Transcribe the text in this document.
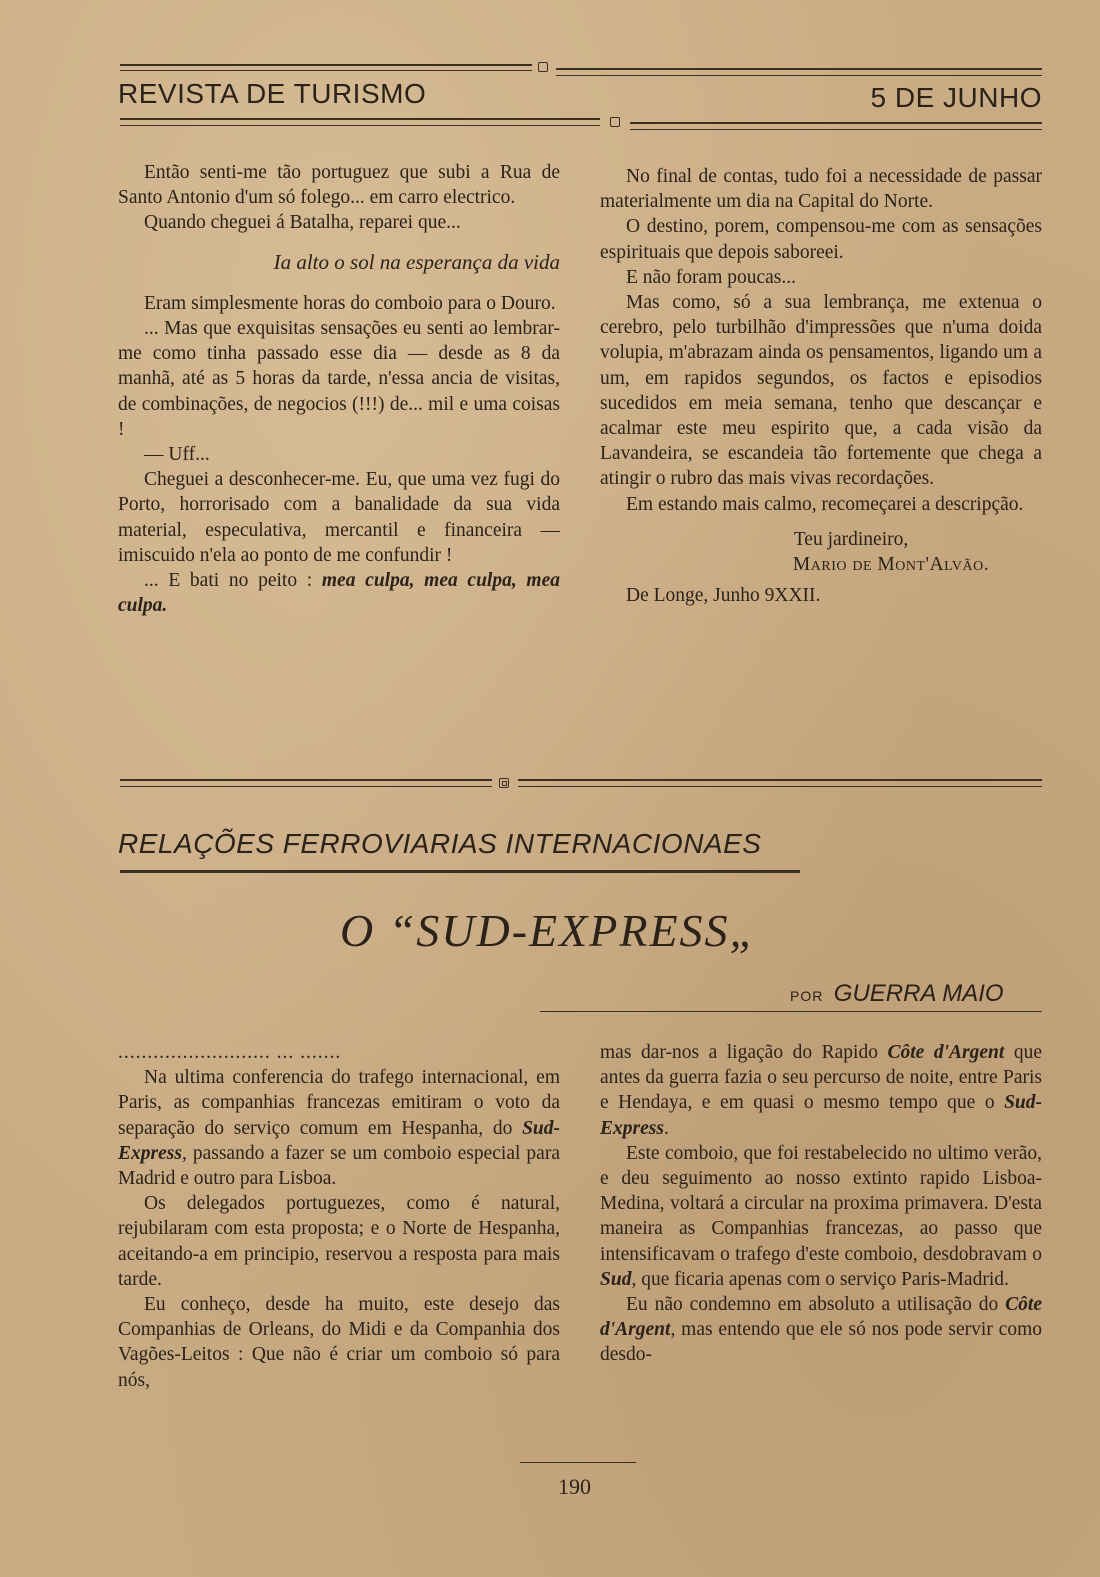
REVISTA DE TURISMO	5 DE JUNHO

Então senti-me tão portuguez que subi a Rua de Santo Antonio d'um só folego... em carro electrico.

Quando cheguei á Batalha, reparei que...

Ia alto o sol na esperança da vida

Eram simplesmente horas do comboio para o Douro.

... Mas que exquisitas sensações eu senti ao lembrar-me como tinha passado esse dia — desde as 8 da manhã, até as 5 horas da tarde, n'essa ancia de visitas, de combinações, de negocios (!!!) de... mil e uma coisas !

— Uff...

Cheguei a desconhecer-me. Eu, que uma vez fugi do Porto, horrorisado com a banalidade da sua vida material, especulativa, mercantil e financeira — imiscuido n'ela ao ponto de me confundir !

... E bati no peito : mea culpa, mea culpa, mea culpa.

No final de contas, tudo foi a necessidade de passar materialmente um dia na Capital do Norte.

O destino, porem, compensou-me com as sensações espirituais que depois saboreei.

E não foram poucas...

Mas como, só a sua lembrança, me extenua o cerebro, pelo turbilhão d'impressões que n'uma doida volupia, m'abrazam ainda os pensamentos, ligando um a um, em rapidos segundos, os factos e episodios sucedidos em meia semana, tenho que descançar e acalmar este meu espirito que, a cada visão da Lavandeira, se escandeia tão fortemente que chega a atingir o rubro das mais vivas recordações.

Em estando mais calmo, recomeçarei a descripção.

Teu jardineiro,

Mario de Mont'Alvão.

De Longe, Junho 9XXII.

RELAÇÕES FERROVIARIAS INTERNACIONAES
O “SUD-EXPRESS„
POR GUERRA MAIO

.......................... ... .......

Na ultima conferencia do trafego internacional, em Paris, as companhias francezas emitiram o voto da separação do serviço comum em Hespanha, do Sud-Express, passando a fazer se um comboio especial para Madrid e outro para Lisboa.

Os delegados portuguezes, como é natural, rejubilaram com esta proposta; e o Norte de Hespanha, aceitando-a em principio, reservou a resposta para mais tarde.

Eu conheço, desde ha muito, este desejo das Companhias de Orleans, do Midi e da Companhia dos Vagões-Leitos : Que não é criar um comboio só para nós,

mas dar-nos a ligação do Rapido Côte d'Argent que antes da guerra fazia o seu percurso de noite, entre Paris e Hendaya, e em quasi o mesmo tempo que o Sud-Express.

Este comboio, que foi restabelecido no ultimo verão, e deu seguimento ao nosso extinto rapido Lisboa-Medina, voltará a circular na proxima primavera. D'esta maneira as Companhias francezas, ao passo que intensificavam o trafego d'este comboio, desdobravam o Sud, que ficaria apenas com o serviço Paris-Madrid.

Eu não condemno em absoluto a utilisação do Côte d'Argent, mas entendo que ele só nos pode servir como desdo-

190
